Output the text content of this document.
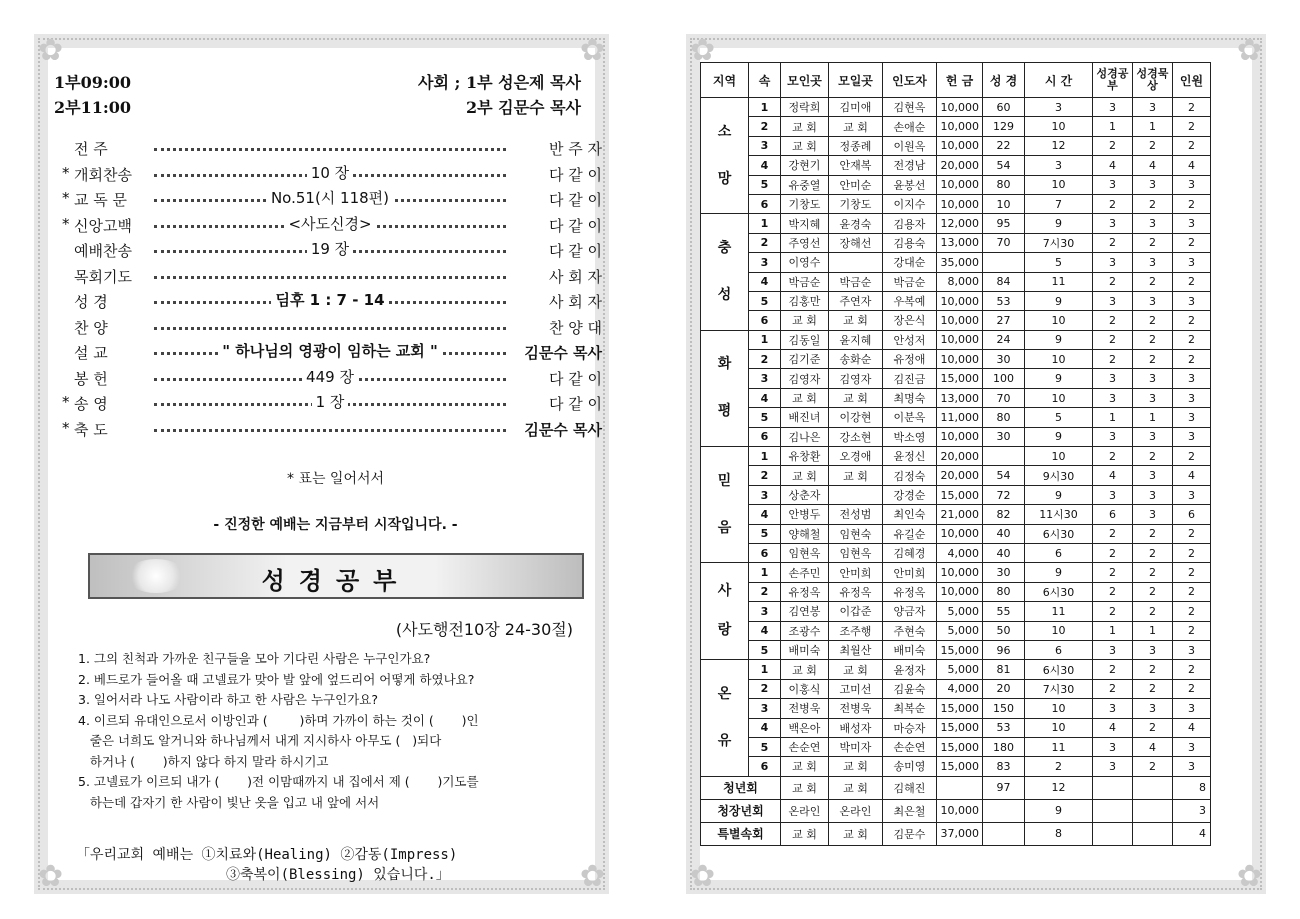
✿	✿
✿	✿
1부09:00
2부11:00
사회 ; 1부 성은제 목사
2부 김문수 목사
전 주	반 주 자
* 개회찬송	10 장	다 같 이
* 교 독 문	No.51(시 118편)	다 같 이
* 신앙고백	<사도신경>	다 같 이
예배찬송	19 장	다 같 이
목회기도	사 회 자
성 경	딤후 1 : 7 - 14	사 회 자
찬 양	찬 양 대
설 교	" 하나님의 영광이 임하는 교회 "	김문수 목사
봉 헌	449 장	다 같 이
* 송 영	1 장	다 같 이
* 축 도	김문수 목사
* 표는 일어서서
- 진정한 예배는 지금부터 시작입니다. -
성경공부
(사도행전10장 24-30절)
1. 그의 친척과 가까운 친구들을 모아 기다린 사람은 누구인가요?
2. 베드로가 들어올 때 고넬료가 맞아 발 앞에 엎드리어 어떻게 하였나요?
3. 일어서라 나도 사람이라 하고 한 사람은 누구인가요?
4. 이르되 유대인으로서 이방인과 (        )하며 가까이 하는 것이 (       )인
줄은 너희도 알거니와 하나님께서 내게 지시하사 아무도 (   )되다
하거나 (       )하지 않다 하지 말라 하시기고
5. 고넬료가 이르되 내가 (       )전 이맘때까지 내 집에서 제 (       )기도를
하는데 갑자기 한 사람이 빛난 옷을 입고 내 앞에 서서
「우리교회 예배는 ①치료와(Healing) ②감동(Impress)
③축복이(Blessing) 있습니다.」
✿	✿
✿	✿
지역	속	모인곳	모일곳	인도자	헌 금	성 경	시 간	성경공부	성경묵상	인원

소망	1	정락희	김미애	김현옥	10,000	60	3	3	3	2
	2	교 회	교 회	손애순	10,000	129	10	1	1	2
	3	교 회	정종례	이원옥	10,000	22	12	2	2	2
	4	강현기	안재복	전경남	20,000	54	3	4	4	4
	5	유중열	안미순	윤봉선	10,000	80	10	3	3	3
	6	기창도	기창도	이지수	10,000	10	7	2	2	2

충성	1	박지혜	윤경숙	김용자	12,000	95	9	3	3	3
	2	주영선	장해선	김용숙	13,000	70	7시30	2	2	2
	3	이영수		강대순	35,000		5	3	3	3
	4	박금순	박금순	박금순	8,000	84	11	2	2	2
	5	김홍만	주연자	우복예	10,000	53	9	3	3	3
	6	교 회	교 회	장은식	10,000	27	10	2	2	2

화평	1	김동일	윤지혜	안성저	10,000	24	9	2	2	2
	2	김기준	송화순	유정애	10,000	30	10	2	2	2
	3	김영자	김영자	김진금	15,000	100	9	3	3	3
	4	교 회	교 회	최명숙	13,000	70	10	3	3	3
	5	배진녀	이강현	이분옥	11,000	80	5	1	1	3
	6	김나은	강소현	박소영	10,000	30	9	3	3	3

믿음	1	유창환	오경애	윤정신	20,000		10	2	2	2
	2	교 회	교 회	김정숙	20,000	54	9시30	4	3	4
	3	상춘자		강경순	15,000	72	9	3	3	3
	4	안병두	전성범	최인숙	21,000	82	11시30	6	3	6
	5	양해철	임현숙	유길순	10,000	40	6시30	2	2	2
	6	임현옥	임현옥	김혜경	4,000	40	6	2	2	2

사랑	1	손주민	안미희	안미희	10,000	30	9	2	2	2
	2	유정옥	유정옥	유정옥	10,000	80	6시30	2	2	2
	3	김연봉	이갑준	양금자	5,000	55	11	2	2	2
	4	조광수	조주행	주현숙	5,000	50	10	1	1	2
	5	배미숙	최월산	배미숙	15,000	96	6	3	3	3

온유	1	교 회	교 회	윤정자	5,000	81	6시30	2	2	2
	2	이홍식	고미선	김윤숙	4,000	20	7시30	2	2	2
	3	전병욱	전병욱	최복순	15,000	150	10	3	3	3
	4	백은아	배성자	마승자	15,000	53	10	4	2	4
	5	손순연	박미자	손순연	15,000	180	11	3	4	3
	6	교 회	교 회	송미영	15,000	83	2	3	2	3
청년회		교 회	교 회	김해진		97	12			8
청장년회		온라인	온라인	최은철	10,000		9			3
특별속회		교 회	교 회	김문수	37,000		8			4
